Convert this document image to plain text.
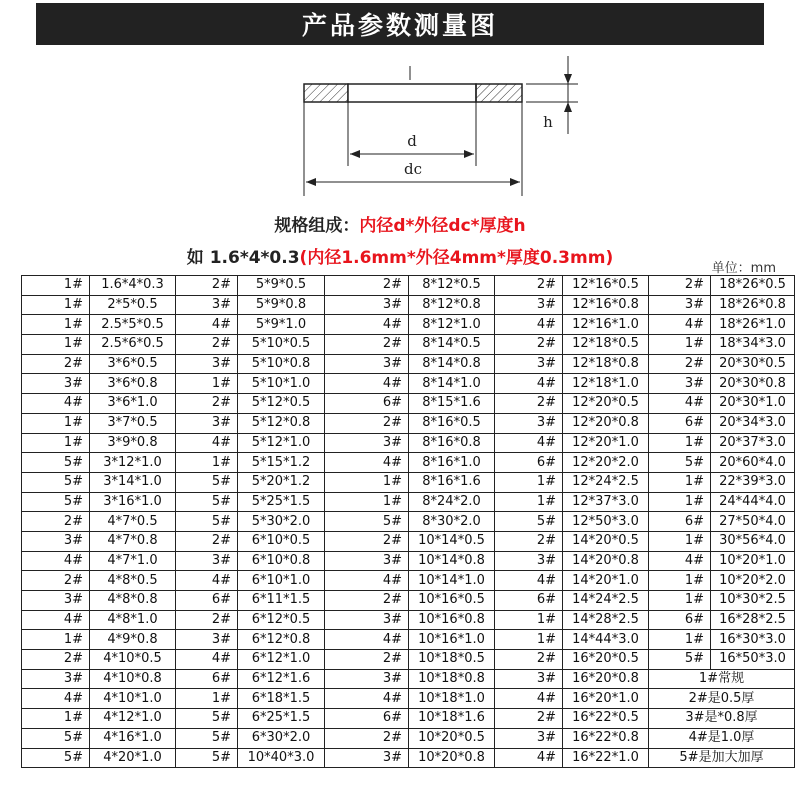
产品参数测量图
d
dc
h
规格组成：内径d*外径dc*厚度h
如 1.6*4*0.3(内径1.6mm*外径4mm*厚度0.3mm)
单位：mm
1#	1.6*4*0.3	2#	5*9*0.5	2#	8*12*0.5	2#	12*16*0.5	2#	18*26*0.5
1#	2*5*0.5	3#	5*9*0.8	3#	8*12*0.8	3#	12*16*0.8	3#	18*26*0.8
1#	2.5*5*0.5	4#	5*9*1.0	4#	8*12*1.0	4#	12*16*1.0	4#	18*26*1.0
1#	2.5*6*0.5	2#	5*10*0.5	2#	8*14*0.5	2#	12*18*0.5	1#	18*34*3.0
2#	3*6*0.5	3#	5*10*0.8	3#	8*14*0.8	3#	12*18*0.8	2#	20*30*0.5
3#	3*6*0.8	1#	5*10*1.0	4#	8*14*1.0	4#	12*18*1.0	3#	20*30*0.8
4#	3*6*1.0	2#	5*12*0.5	6#	8*15*1.6	2#	12*20*0.5	4#	20*30*1.0
1#	3*7*0.5	3#	5*12*0.8	2#	8*16*0.5	3#	12*20*0.8	6#	20*34*3.0
1#	3*9*0.8	4#	5*12*1.0	3#	8*16*0.8	4#	12*20*1.0	1#	20*37*3.0
5#	3*12*1.0	1#	5*15*1.2	4#	8*16*1.0	6#	12*20*2.0	5#	20*60*4.0
5#	3*14*1.0	5#	5*20*1.2	1#	8*16*1.6	1#	12*24*2.5	1#	22*39*3.0
5#	3*16*1.0	5#	5*25*1.5	1#	8*24*2.0	1#	12*37*3.0	1#	24*44*4.0
2#	4*7*0.5	5#	5*30*2.0	5#	8*30*2.0	5#	12*50*3.0	6#	27*50*4.0
3#	4*7*0.8	2#	6*10*0.5	2#	10*14*0.5	2#	14*20*0.5	1#	30*56*4.0
4#	4*7*1.0	3#	6*10*0.8	3#	10*14*0.8	3#	14*20*0.8	4#	10*20*1.0
2#	4*8*0.5	4#	6*10*1.0	4#	10*14*1.0	4#	14*20*1.0	1#	10*20*2.0
3#	4*8*0.8	6#	6*11*1.5	2#	10*16*0.5	6#	14*24*2.5	1#	10*30*2.5
4#	4*8*1.0	2#	6*12*0.5	3#	10*16*0.8	1#	14*28*2.5	6#	16*28*2.5
1#	4*9*0.8	3#	6*12*0.8	4#	10*16*1.0	1#	14*44*3.0	1#	16*30*3.0
2#	4*10*0.5	4#	6*12*1.0	2#	10*18*0.5	2#	16*20*0.5	5#	16*50*3.0
3#	4*10*0.8	6#	6*12*1.6	3#	10*18*0.8	3#	16*20*0.8	1#常规	
4#	4*10*1.0	1#	6*18*1.5	4#	10*18*1.0	4#	16*20*1.0	2#是0.5厚	
1#	4*12*1.0	5#	6*25*1.5	6#	10*18*1.6	2#	16*22*0.5	3#是*0.8厚	
5#	4*16*1.0	5#	6*30*2.0	2#	10*20*0.5	3#	16*22*0.8	4#是1.0厚	
5#	4*20*1.0	5#	10*40*3.0	3#	10*20*0.8	4#	16*22*1.0	5#是加大加厚	
